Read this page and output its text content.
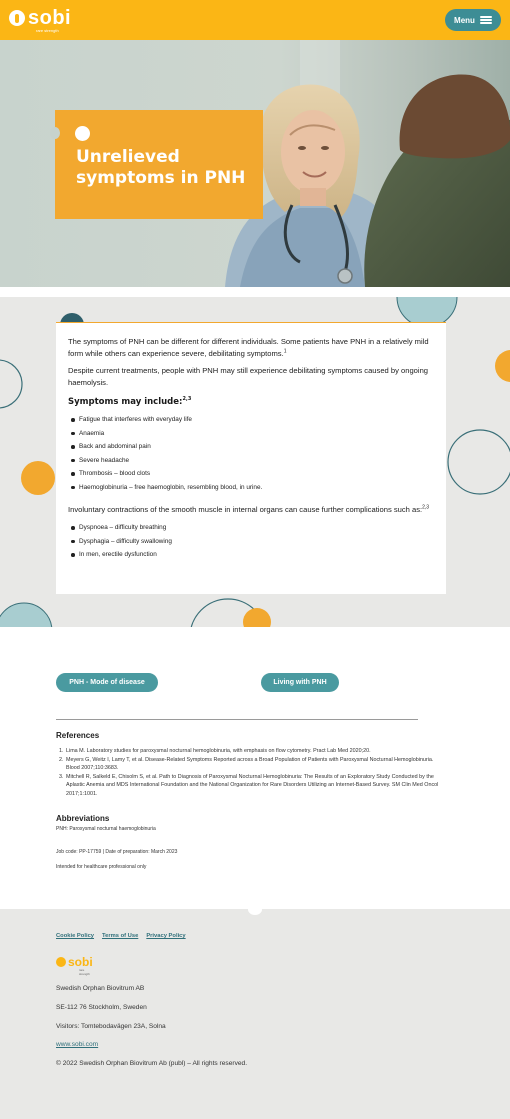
sobi
rare strength
Menu
Unrelieved symptoms in PNH

The symptoms of PNH can be different for different individuals. Some patients have PNH in a relatively mild form while others can experience severe, debilitating symptoms.$^1$

Despite current treatments, people with PNH may still experience debilitating symptoms caused by ongoing haemolysis.

Symptoms may include:$^{2,3}$
Fatigue that interferes with everyday life
Anaemia
Back and abdominal pain
Severe headache
Thrombosis – blood clots
Haemoglobinuria – free haemoglobin, resembling blood, in urine.

Involuntary contractions of the smooth muscle in internal organs can cause further complications such as:$^{2,3}$

Dyspnoea – difficulty breathing
Dysphagia – difficulty swallowing
In men, erectile dysfunction
PNH - Mode of disease	Living with PNH
References
1. Lima M. Laboratory studies for paroxysmal nocturnal hemoglobinuria, with emphasis on flow cytometry. Pract Lab Med 2020;20.
2. Meyers G, Weitz I, Lamy T, et al. Disease-Related Symptoms Reported across a Broad Population of Patients with Paroxysmal Nocturnal Hemoglobinuria. Blood 2007;110:3683.
3. Mitchell R, Salkeld E, Chisolm S, et al. Path to Diagnosis of Paroxysmal Nocturnal Hemoglobinuria: The Results of an Exploratory Study Conducted by the Aplastic Anemia and MDS International Foundation and the National Organization for Rare Disorders Utilizing an Internet-Based Survey. SM Clin Med Oncol 2017;1:1001.
Abbreviations
PNH: Paroxysmal nocturnal haemoglobinuria
Job code: PP-17759 | Date of preparation: March 2023
Intended for healthcare professional only
Cookie Policy Terms of Use Privacy Policy
sobi
rare strength
Swedish Orphan Biovitrum AB
SE-112 76 Stockholm, Sweden
Visitors: Tomtebodavägen 23A, Solna
www.sobi.com
© 2022 Swedish Orphan Biovitrum Ab (publ) – All rights reserved.
